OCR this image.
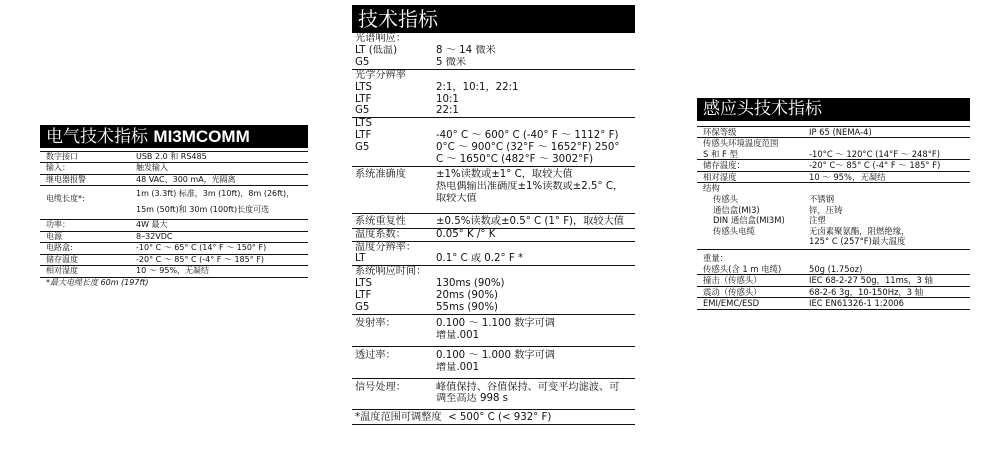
电气技术指标 MI3MCOMM

数字接口	USB 2.0 和 RS485
输入：	触发输入
继电器报警	48 VAC、300 mA，光隔离
电缆长度*:	1m (3.3ft) 标准，3m (10ft)，8m (26ft)，
	15m (50ft)和 30m (100ft)长度可选
功率：	4W 最大
电源	8–32VDC
电路盒:	-10° C ～ 65° C (14° F ～ 150° F)
储存温度	-20° C ～ 85° C (-4° F ～ 185° F)
相对湿度	10 ～ 95%，无凝结
*最大电缆长度 60m (197ft)	
技术指标
光谱响应：	
LT (低温)	8 ～ 14 微米
G5	5 微米
光学分辨率	
LTS	2:1，10:1，22:1
LTF	10:1
G5	22:1
LTS	
LTF	-40° C ～ 600° C (-40° F ～ 1112° F)
G5	0°C ～ 900°C (32°F ～ 1652°F) 250°
	C ～ 1650°C (482°F ～ 3002°F)
系统准确度	±1%读数或±1° C，取较大值
	热电偶输出准确度±1%读数或±2.5° C，
	取较大值
系统重复性	±0.5%读数或±0.5° C (1° F)，取较大值
温度系数：	0.05° K /° K
温度分辨率：	
LT	0.1° C 或 0.2° F *
系统响应时间：	
LTS	130ms (90%)
LTF	20ms (90%)
G5	55ms (90%)
发射率：	0.100 ～ 1.100 数字可调
	增量.001
透过率：	0.100 ～ 1.000 数字可调
	增量.001
信号处理：	峰值保持、谷值保持、可变平均滤波、可
	调至高达 998 s
*温度范围可调整度 < 500° C (< 932° F)	
感应头技术指标

环保等级	IP 65 (NEMA-4)
传感头环境温度范围	
S 和 F 型	-10°C ～ 120°C (14°F ～ 248°F)
储存温度：	-20° C～ 85° C (-4° F ～ 185° F)
相对湿度	10 ～ 95%，无凝结
结构	
传感头	不锈钢
通信盒(MI3)	锌，压铸
DIN 通信盒(MI3M)	注塑
传感头电缆	无卤素聚氨酯，阻燃绝缘，
	125° C (257°F)最大温度
重量：	
传感头(含 1 m 电缆)	50g (1.75oz)
撞击（传感头）	IEC 68-2-27 50g，11ms，3 轴
震动（传感头）	68-2-6 3g，10-150Hz，3 轴
EMI/EMC/ESD	IEC EN61326-1 1:2006
